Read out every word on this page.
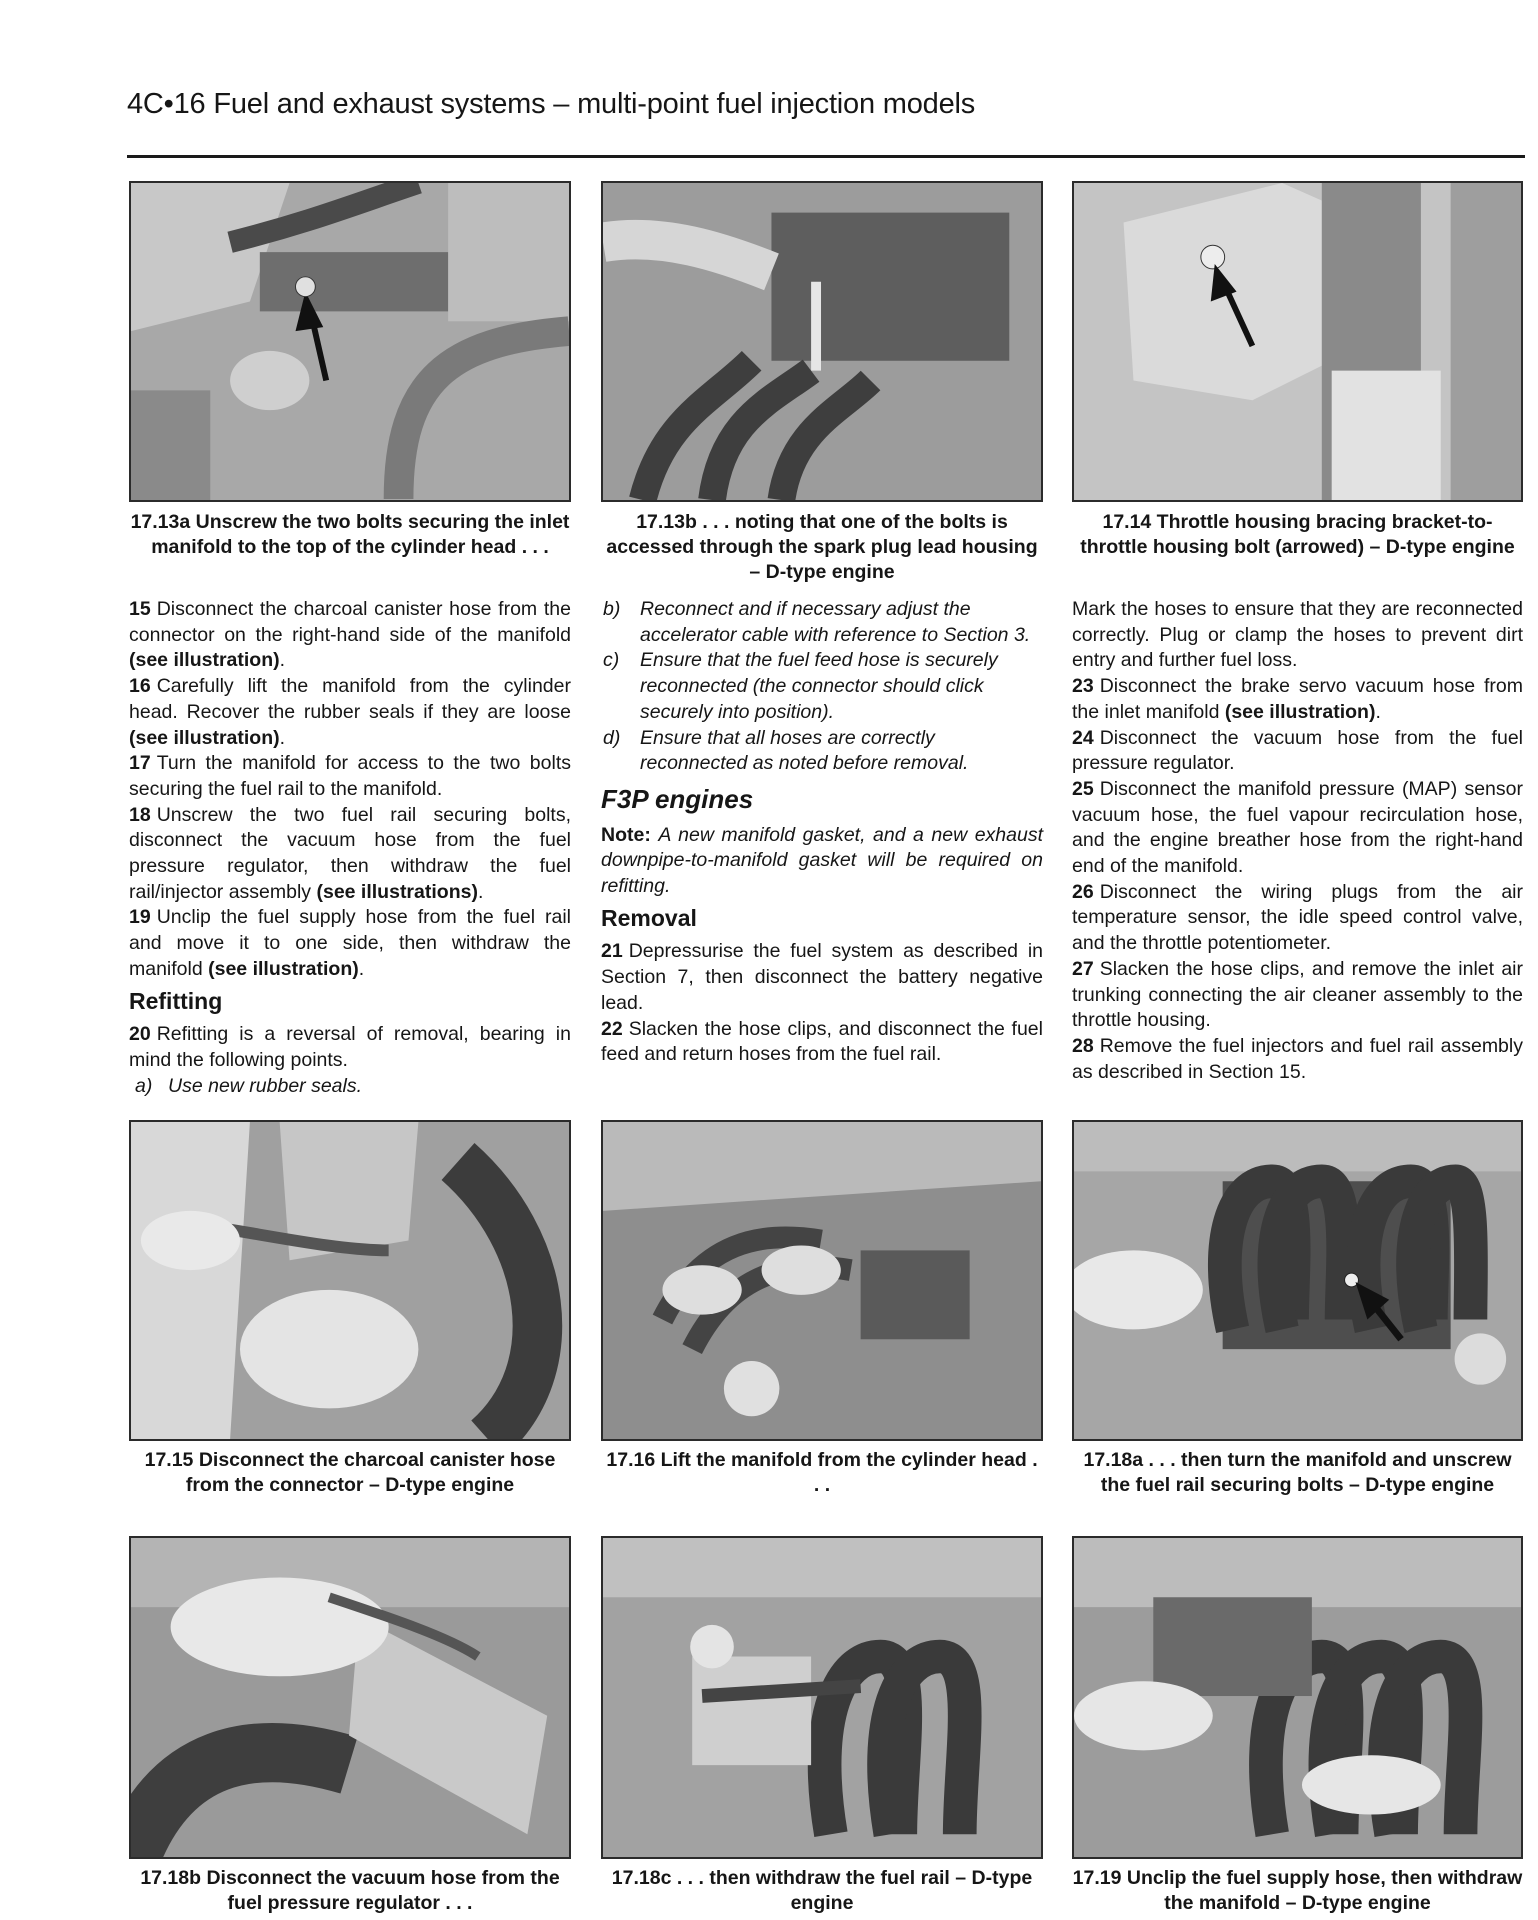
4C•16 Fuel and exhaust systems – multi-point fuel injection models
17.13a Unscrew the two bolts securing the inlet manifold to the top of the cylinder head . . .
17.13b . . . noting that one of the bolts is accessed through the spark plug lead housing – D-type engine
17.14 Throttle housing bracing bracket-to-throttle housing bolt (arrowed) – D-type engine

15 Disconnect the charcoal canister hose from the connector on the right-hand side of the manifold (see illustration).

16 Carefully lift the manifold from the cylinder head. Recover the rubber seals if they are loose (see illustration).

17 Turn the manifold for access to the two bolts securing the fuel rail to the manifold.

18 Unscrew the two fuel rail securing bolts, disconnect the vacuum hose from the fuel pressure regulator, then withdraw the fuel rail/injector assembly (see illustrations).

19 Unclip the fuel supply hose from the fuel rail and move it to one side, then withdraw the manifold (see illustration).

Refitting

20 Refitting is a reversal of removal, bearing in mind the following points.

a) Use new rubber seals.
b)	Reconnect and if necessary adjust the accelerator cable with reference to Section 3.
c)	Ensure that the fuel feed hose is securely reconnected (the connector should click securely into position).
d)	Ensure that all hoses are correctly reconnected as noted before removal.
F3P engines

Note: A new manifold gasket, and a new exhaust downpipe-to-manifold gasket will be required on refitting.

Removal

21 Depressurise the fuel system as described in Section 7, then disconnect the battery negative lead.

22 Slacken the hose clips, and disconnect the fuel feed and return hoses from the fuel rail.

Mark the hoses to ensure that they are reconnected correctly. Plug or clamp the hoses to prevent dirt entry and further fuel loss.

23 Disconnect the brake servo vacuum hose from the inlet manifold (see illustration).

24 Disconnect the vacuum hose from the fuel pressure regulator.

25 Disconnect the manifold pressure (MAP) sensor vacuum hose, the fuel vapour recirculation hose, and the engine breather hose from the right-hand end of the manifold.

26 Disconnect the wiring plugs from the air temperature sensor, the idle speed control valve, and the throttle potentiometer.

27 Slacken the hose clips, and remove the inlet air trunking connecting the air cleaner assembly to the throttle housing.

28 Remove the fuel injectors and fuel rail assembly as described in Section 15.

17.15 Disconnect the charcoal canister hose from the connector – D-type engine
17.16 Lift the manifold from the cylinder head . . .
17.18a . . . then turn the manifold and unscrew the fuel rail securing bolts – D-type engine
17.18b Disconnect the vacuum hose from the fuel pressure regulator . . .
17.18c . . . then withdraw the fuel rail – D-type engine
17.19 Unclip the fuel supply hose, then withdraw the manifold – D-type engine
